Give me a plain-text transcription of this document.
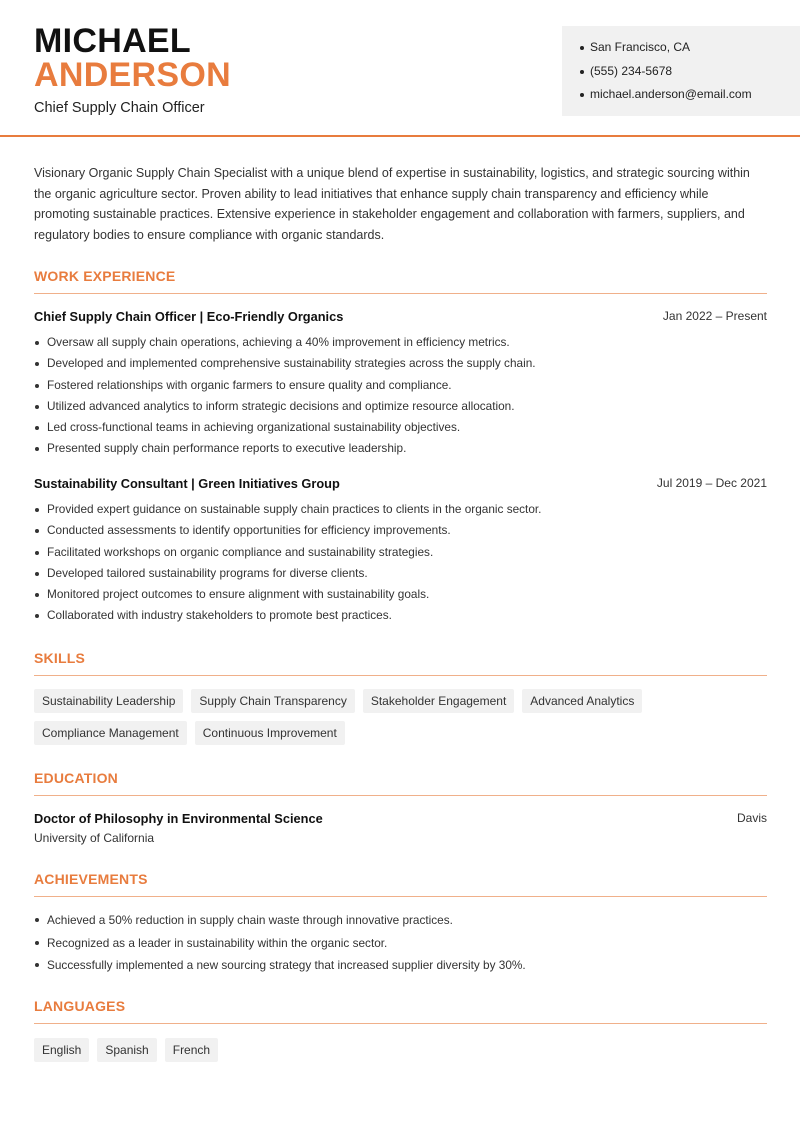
MICHAEL
ANDERSON
Chief Supply Chain Officer
San Francisco, CA
(555) 234-5678
michael.anderson@email.com

Visionary Organic Supply Chain Specialist with a unique blend of expertise in sustainability, logistics, and strategic sourcing within the organic agriculture sector. Proven ability to lead initiatives that enhance supply chain transparency and efficiency while promoting sustainable practices. Extensive experience in stakeholder engagement and collaboration with farmers, suppliers, and regulatory bodies to ensure compliance with organic standards.

WORK EXPERIENCE
Chief Supply Chain Officer | Eco-Friendly Organics	Jan 2022 – Present
Oversaw all supply chain operations, achieving a 40% improvement in efficiency metrics.
Developed and implemented comprehensive sustainability strategies across the supply chain.
Fostered relationships with organic farmers to ensure quality and compliance.
Utilized advanced analytics to inform strategic decisions and optimize resource allocation.
Led cross-functional teams in achieving organizational sustainability objectives.
Presented supply chain performance reports to executive leadership.
Sustainability Consultant | Green Initiatives Group	Jul 2019 – Dec 2021
Provided expert guidance on sustainable supply chain practices to clients in the organic sector.
Conducted assessments to identify opportunities for efficiency improvements.
Facilitated workshops on organic compliance and sustainability strategies.
Developed tailored sustainability programs for diverse clients.
Monitored project outcomes to ensure alignment with sustainability goals.
Collaborated with industry stakeholders to promote best practices.
SKILLS
Sustainability Leadership	Supply Chain Transparency	Stakeholder Engagement	Advanced Analytics
Compliance Management	Continuous Improvement
EDUCATION
Doctor of Philosophy in Environmental Science	Davis
University of California
ACHIEVEMENTS
Achieved a 50% reduction in supply chain waste through innovative practices.
Recognized as a leader in sustainability within the organic sector.
Successfully implemented a new sourcing strategy that increased supplier diversity by 30%.
LANGUAGES
English	Spanish	French
